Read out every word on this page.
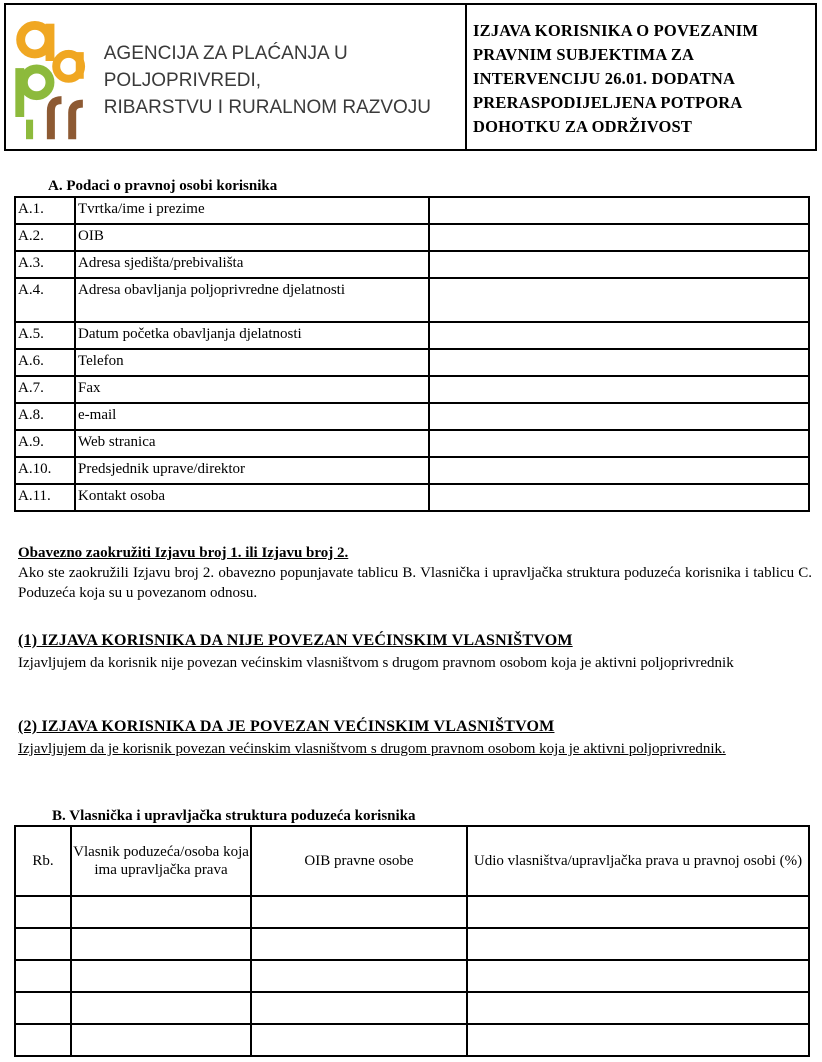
AGENCIJA ZA PLAĆANJA U POLJOPRIVREDI,
RIBARSTVU I RURALNOM RAZVOJU
IZJAVA KORISNIKA O POVEZANIM PRAVNIM SUBJEKTIMA ZA INTERVENCIJU 26.01. DODATNA PRERASPODIJELJENA POTPORA DOHOTKU ZA ODRŽIVOST
A. Podaci o pravnoj osobi korisnika
A.1.	Tvrtka/ime i prezime	
A.2.	OIB	
A.3.	Adresa sjedišta/prebivališta	
A.4.	Adresa obavljanja poljoprivredne djelatnosti	
A.5.	Datum početka obavljanja djelatnosti	
A.6.	Telefon	
A.7.	Fax	
A.8.	e-mail	
A.9.	Web stranica	
A.10.	Predsjednik uprave/direktor	
A.11.	Kontakt osoba	
Obavezno zaokružiti Izjavu broj 1. ili Izjavu broj 2.
Ako ste zaokružili Izjavu broj 2. obavezno popunjavate tablicu B. Vlasnička i upravljačka struktura poduzeća korisnika i tablicu C. Poduzeća koja su u povezanom odnosu.
(1) IZJAVA KORISNIKA DA NIJE POVEZAN VEĆINSKIM VLASNIŠTVOM
Izjavljujem da korisnik nije povezan većinskim vlasništvom s drugom pravnom osobom koja je aktivni poljoprivrednik
(2) IZJAVA KORISNIKA DA JE POVEZAN VEĆINSKIM VLASNIŠTVOM
Izjavljujem da je korisnik povezan većinskim vlasništvom s drugom pravnom osobom koja je aktivni poljoprivrednik.
B. Vlasnička i upravljačka struktura poduzeća korisnika
Rb.	Vlasnik poduzeća/osoba koja ima upravljačka prava	OIB pravne osobe	Udio vlasništva/upravljačka prava u pravnoj osobi (%)
